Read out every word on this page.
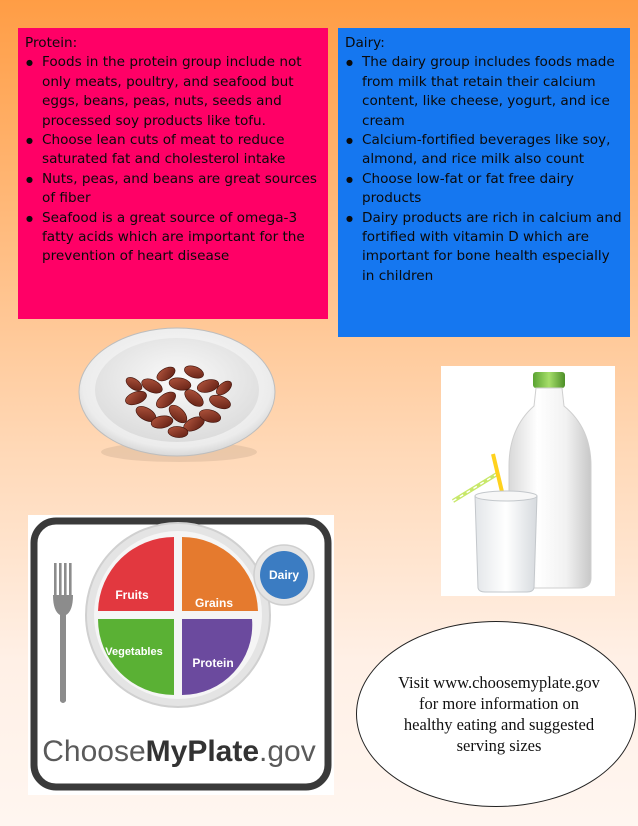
Protein:
● Foods in the protein group include not only meats, poultry, and seafood but eggs, beans, peas, nuts, seeds and processed soy products like tofu.
● Choose lean cuts of meat to reduce saturated fat and cholesterol intake
● Nuts, peas, and beans are great sources of fiber
● Seafood is a great source of omega-3 fatty acids which are important for the prevention of heart disease
Dairy:
● The dairy group includes foods made from milk that retain their calcium content, like cheese, yogurt, and ice cream
● Calcium-fortified beverages like soy, almond, and rice milk also count
● Choose low-fat or fat free dairy products
● Dairy products are rich in calcium and fortified with vitamin D which are important for bone health especially in children
Fruits
Grains
Vegetables
Protein
Dairy
ChooseMyPlate.gov
Visit www.choosemyplate.gov for more information on healthy eating and suggested serving sizes
